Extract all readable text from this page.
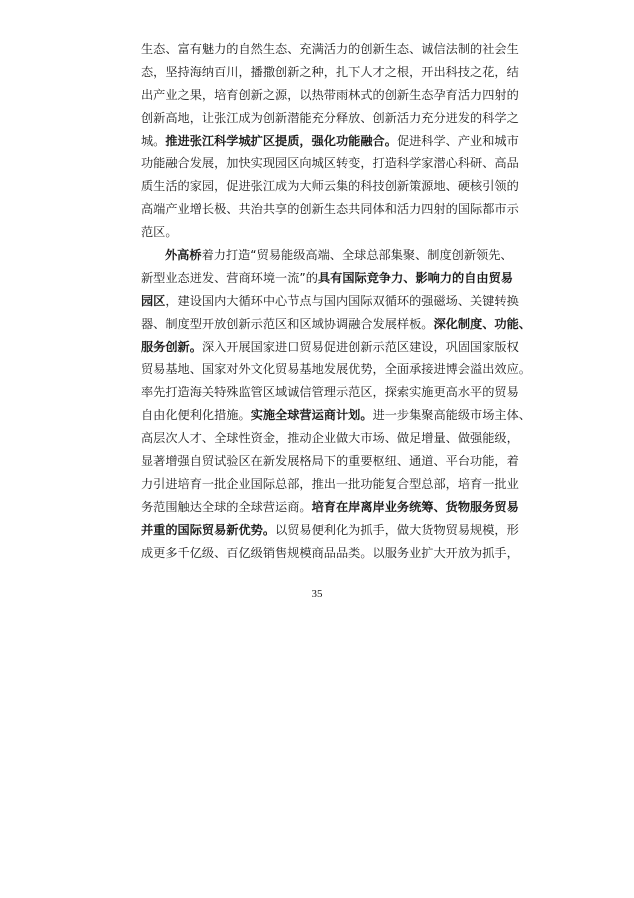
生态、富有魅力的自然生态、充满活力的创新生态、诚信法制的社会生
态，坚持海纳百川，播撒创新之种，扎下人才之根，开出科技之花，结
出产业之果，培育创新之源，以热带雨林式的创新生态孕育活力四射的
创新高地，让张江成为创新潜能充分释放、创新活力充分迸发的科学之
城。推进张江科学城扩区提质，强化功能融合。促进科学、产业和城市
功能融合发展，加快实现园区向城区转变，打造科学家潜心科研、高品
质生活的家园，促进张江成为大师云集的科技创新策源地、硬核引领的
高端产业增长极、共治共享的创新生态共同体和活力四射的国际都市示
范区。
外高桥着力打造“贸易能级高端、全球总部集聚、制度创新领先、
新型业态迸发、营商环境一流”的具有国际竞争力、影响力的自由贸易
园区，建设国内大循环中心节点与国内国际双循环的强磁场、关键转换
器、制度型开放创新示范区和区域协调融合发展样板。深化制度、功能、
服务创新。深入开展国家进口贸易促进创新示范区建设，巩固国家版权
贸易基地、国家对外文化贸易基地发展优势，全面承接进博会溢出效应。
率先打造海关特殊监管区域诚信管理示范区，探索实施更高水平的贸易
自由化便利化措施。实施全球营运商计划。进一步集聚高能级市场主体、
高层次人才、全球性资金，推动企业做大市场、做足增量、做强能级，
显著增强自贸试验区在新发展格局下的重要枢纽、通道、平台功能，着
力引进培育一批企业国际总部，推出一批功能复合型总部，培育一批业
务范围触达全球的全球营运商。培育在岸离岸业务统筹、货物服务贸易
并重的国际贸易新优势。以贸易便利化为抓手，做大货物贸易规模，形
成更多千亿级、百亿级销售规模商品品类。以服务业扩大开放为抓手，
35
